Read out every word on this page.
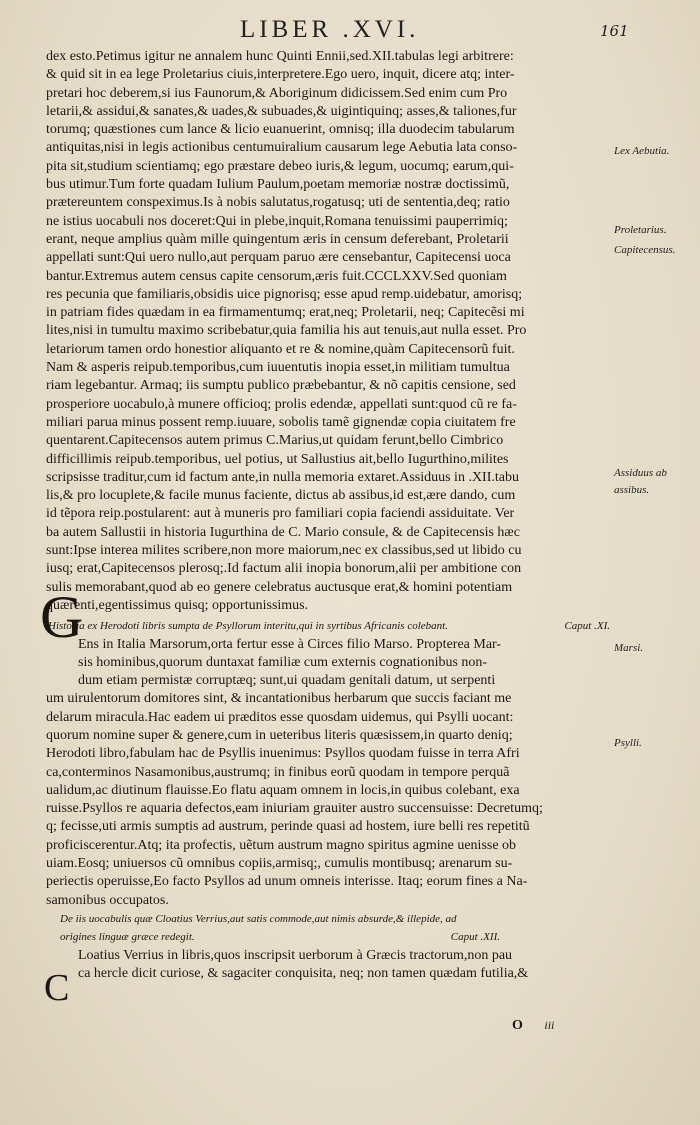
LIBER .XVI.	161
dex esto.Petimus igitur ne annalem hunc Quinti Ennii,sed.XII.tabulas legi arbitrere:
& quid sit in ea lege Proletarius ciuis,interpretere.Ego uero, inquit, dicere atq; inter-
pretari hoc deberem,si ius Faunorum,& Aboriginum didicissem.Sed enim cum Pro
letarii,& assidui,& sanates,& uades,& subuades,& uigintiquinq; asses,& taliones,fur
torumq; quæstiones cum lance & licio euanuerint, omnisq; illa duodecim tabularum
antiquitas,nisi in legis actionibus centumuiralium causarum lege Aebutia lata conso-
pita sit,studium scientiamq; ego præstare debeo iuris,& legum, uocumq; earum,qui-
bus utimur.Tum forte quadam Iulium Paulum,poetam memoriæ nostræ doctissimũ,
prætereuntem conspeximus.Is à nobis salutatus,rogatusq; uti de sententia,deq; ratio
ne istius uocabuli nos doceret:Qui in plebe,inquit,Romana tenuissimi pauperrimiq;
erant, neque amplius quàm mille quingentum æris in censum deferebant, Proletarii
appellati sunt:Qui uero nullo,aut perquam paruo ære censebantur, Capitecensi uoca
bantur.Extremus autem census capite censorum,æris fuit.CCCLXXV.Sed quoniam
res pecunia que familiaris,obsidis uice pignorisq; esse apud remp.uidebatur, amorisq;
in patriam fides quædam in ea firmamentumq; erat,neq; Proletarii, neq; Capitecẽsi mi
lites,nisi in tumultu maximo scribebatur,quia familia his aut tenuis,aut nulla esset. Pro
letariorum tamen ordo honestior aliquanto et re & nomine,quàm Capitecensorũ fuit.
Nam & asperis reipub.temporibus,cum iuuentutis inopia esset,in militiam tumultua
riam legebantur. Armaq; iis sumptu publico præbebantur, & nõ capitis censione, sed
prosperiore uocabulo,à munere officioq; prolis edendæ, appellati sunt:quod cũ re fa-
miliari parua minus possent remp.iuuare, sobolis tamẽ gignendæ copia ciuitatem fre
quentarent.Capitecensos autem primus C.Marius,ut quidam ferunt,bello Cimbrico
difficillimis reipub.temporibus, uel potius, ut Sallustius ait,bello Iugurthino,milites
scripsisse traditur,cum id factum ante,in nulla memoria extaret.Assiduus in .XII.tabu
lis,& pro locuplete,& facile munus faciente, dictus ab assibus,id est,ære dando, cum
id tẽpora reip.postularent: aut à muneris pro familiari copia faciendi assiduitate. Ver
ba autem Sallustii in historia Iugurthina de C. Mario consule, & de Capitecensis hæc
sunt:Ipse interea milites scribere,non more maiorum,nec ex classibus,sed ut libido cu
iusq; erat,Capitecensos plerosq;.Id factum alii inopia bonorum,alii per ambitione con
sulis memorabant,quod ab eo genere celebratus auctusque erat,& homini potentiam
quærenti,egentissimus quisq; opportunissimus.
Historia ex Herodoti libris sumpta de Psyllorum interitu,qui in syrtibus Africanis colebant.	Caput .XI.
Ens in Italia Marsorum,orta fertur esse à Circes filio Marso. Propterea Mar-
sis hominibus,quorum duntaxat familiæ cum externis cognationibus non-
dum etiam permistæ corruptæq; sunt,ui quadam genitali datum, ut serpenti
um uirulentorum domitores sint, & incantationibus herbarum que succis faciant me
delarum miracula.Hac eadem ui præditos esse quosdam uidemus, qui Psylli uocant:
quorum nomine super & genere,cum in ueteribus literis quæsissem,in quarto deniq;
Herodoti libro,fabulam hac de Psyllis inuenimus: Psyllos quodam fuisse in terra Afri
ca,conterminos Nasamonibus,austrumq; in finibus eorũ quodam in tempore perquã
ualidum,ac diutinum flauisse.Eo flatu aquam omnem in locis,in quibus colebant, exa
ruisse.Psyllos re aquaria defectos,eam iniuriam grauiter austro succensuisse: Decretumq;
q; fecisse,uti armis sumptis ad austrum, perinde quasi ad hostem, iure belli res repetitũ
proficiscerentur.Atq; ita profectis, uẽtum austrum magno spiritus agmine uenisse ob
uiam.Eosq; uniuersos cũ omnibus copiis,armisq;, cumulis montibusq; arenarum su-
periectis operuisse,Eo facto Psyllos ad unum omneis interisse. Itaq; eorum fines a Na-
samonibus occupatos.
De iis uocabulis quæ Cloatius Verrius,aut satis commode,aut nimis absurde,& illepide, ad
origines linguæ græce redegit.	Caput .XII.
Loatius Verrius in libris,quos inscripsit uerborum à Græcis tractorum,non pau
ca hercle dicit curiose, & sagaciter conquisita, neq; non tamen quædam futilia,&
G
C
Lex Aebutia.
Proletarius.
Capitecensus.
Assiduus ab
assibus.
Marsi.
Psylli.
O iii
